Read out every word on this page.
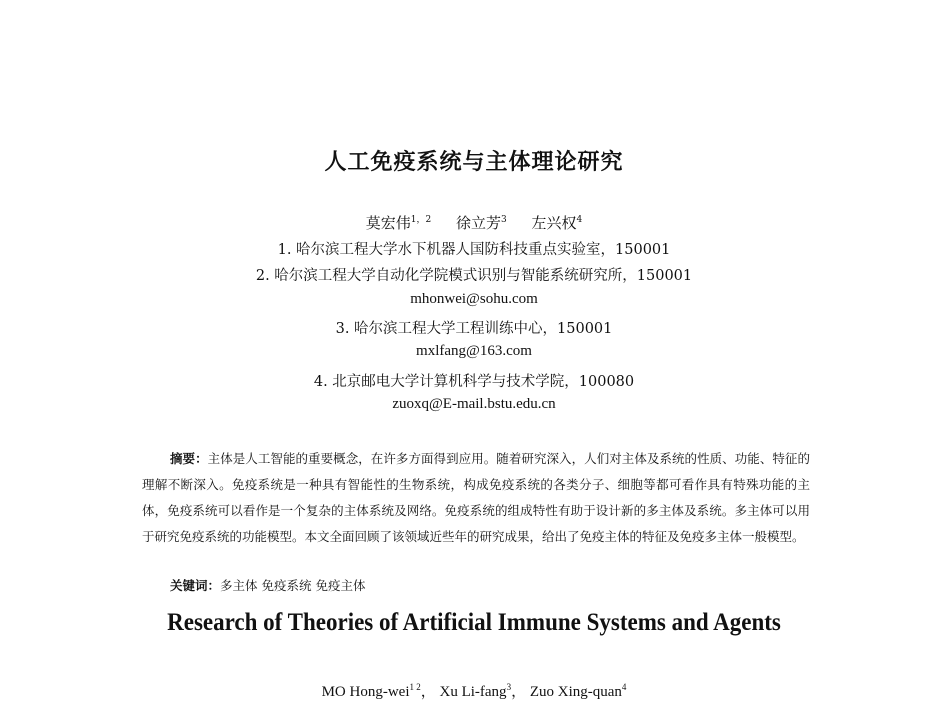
人工免疫系统与主体理论研究
莫宏伟$^{1,2}$ 徐立芳$^3$ 左兴权$^4$
1. 哈尔滨工程大学水下机器人国防科技重点实验室，150001
2. 哈尔滨工程大学自动化学院模式识别与智能系统研究所，150001
mhonwei@sohu.com
3. 哈尔滨工程大学工程训练中心，150001
mxlfang@163.com
4. 北京邮电大学计算机科学与技术学院，100080
zuoxq@E-mail.bstu.edu.cn

摘要：主体是人工智能的重要概念，在许多方面得到应用。随着研究深入，人们对主体及系统的性质、功能、特征的理解不断深入。免疫系统是一种具有智能性的生物系统，构成免疫系统的各类分子、细胞等都可看作具有特殊功能的主体，免疫系统可以看作是一个复杂的主体系统及网络。免疫系统的组成特性有助于设计新的多主体及系统。多主体可以用于研究免疫系统的功能模型。本文全面回顾了该领域近些年的研究成果，给出了免疫主体的特征及免疫多主体一般模型。

关键词：多主体 免疫系统 免疫主体
Research of Theories of Artificial Immune Systems and Agents
MO Hong-wei$^{1 2}$， Xu Li-fang$^3$， Zuo Xing-quan$^4$
